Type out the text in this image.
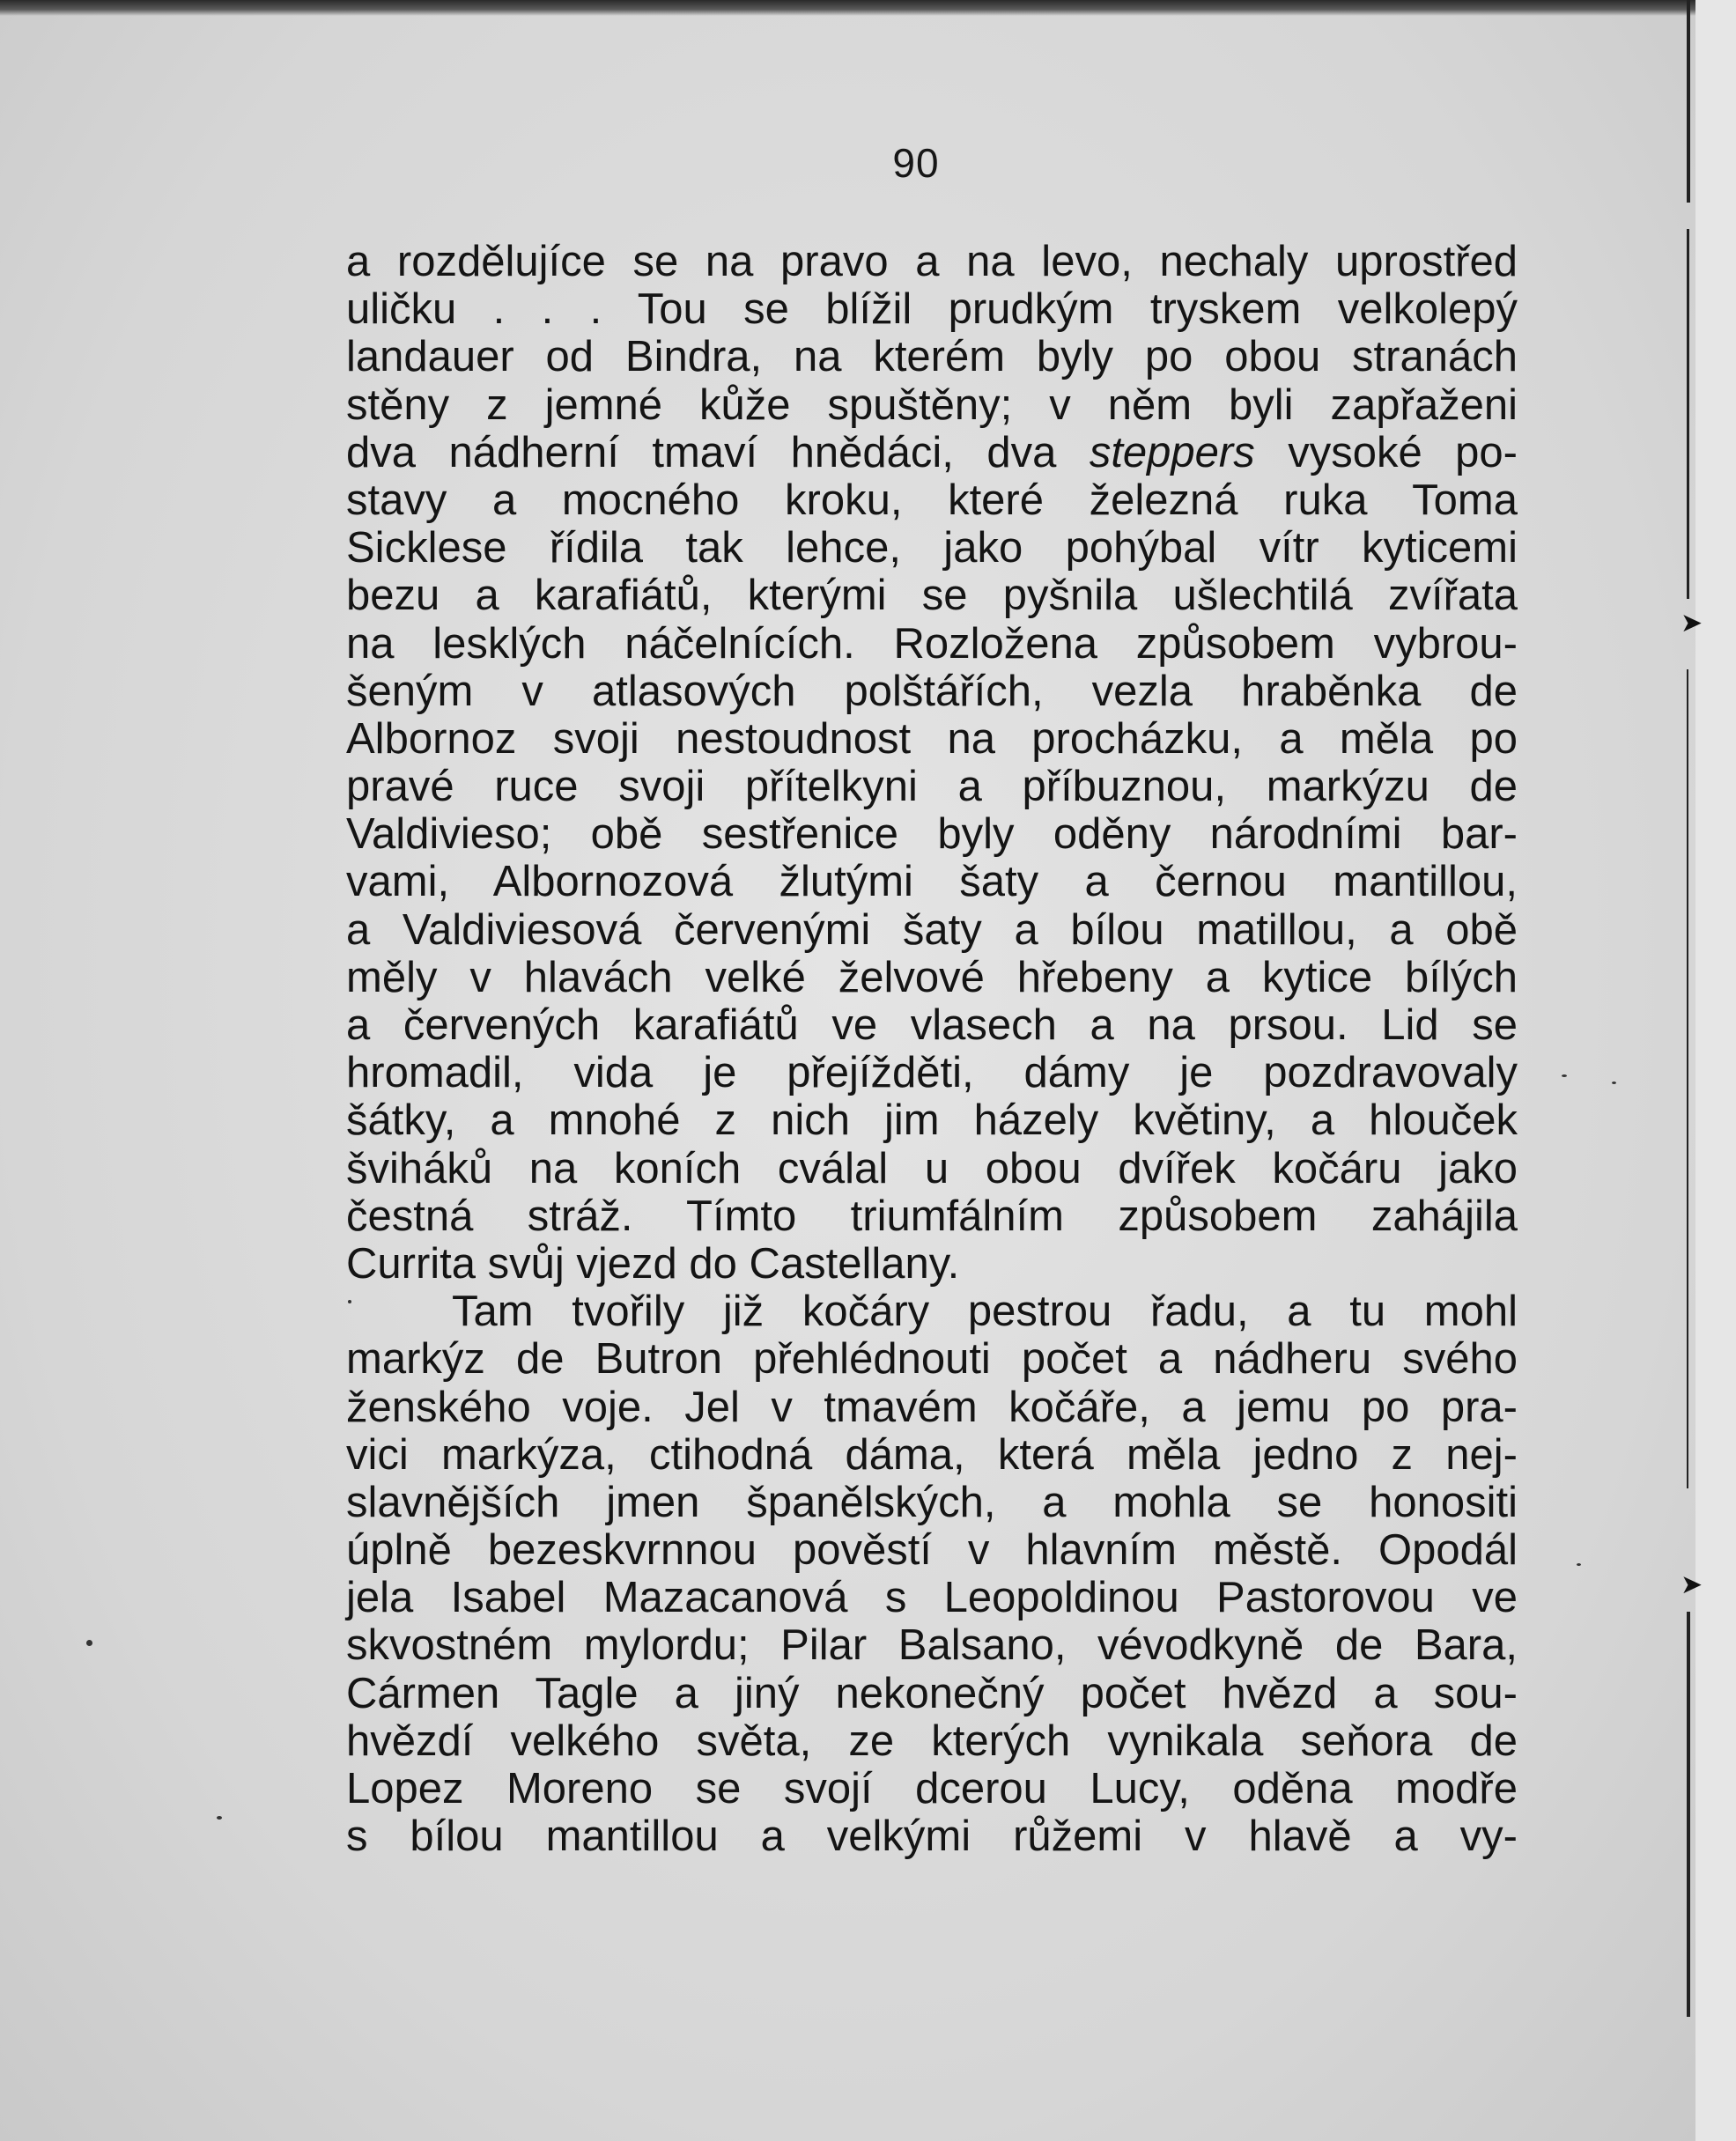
90
a rozdělujíce se na pravo a na levo, nechaly uprostřed
uličku . . . Tou se blížil prudkým tryskem velkolepý
landauer od Bindra, na kterém byly po obou stranách
stěny z jemné kůže spuštěny; v něm byli zapřaženi
dva nádherní tmaví hnědáci, dva steppers vysoké po-
stavy a mocného kroku, které železná ruka Toma
Sicklese řídila tak lehce, jako pohýbal vítr kyticemi
bezu a karafiátů, kterými se pyšnila ušlechtilá zvířata
na lesklých náčelnících. Rozložena způsobem vybrou-
šeným v atlasových polštářích, vezla hraběnka de
Albornoz svoji nestoudnost na procházku, a měla po
pravé ruce svoji přítelkyni a příbuznou, markýzu de
Valdivieso; obě sestřenice byly oděny národními bar-
vami, Albornozová žlutými šaty a černou mantillou,
a Valdiviesová červenými šaty a bílou matillou, a obě
měly v hlavách velké želvové hřebeny a kytice bílých
a červených karafiátů ve vlasech a na prsou. Lid se
hromadil, vida je přejížděti, dámy je pozdravovaly
šátky, a mnohé z nich jim házely květiny, a hlouček
šviháků na koních cválal u obou dvířek kočáru jako
čestná stráž. Tímto triumfálním způsobem zahájila
Currita svůj vjezd do Castellany.
Tam tvořily již kočáry pestrou řadu, a tu mohl
markýz de Butron přehlédnouti počet a nádheru svého
ženského voje. Jel v tmavém kočáře, a jemu po pra-
vici markýza, ctihodná dáma, která měla jedno z nej-
slavnějších jmen španělských, a mohla se honositi
úplně bezeskvrnnou pověstí v hlavním městě. Opodál
jela Isabel Mazacanová s Leopoldinou Pastorovou ve
skvostném mylordu; Pilar Balsano, vévodkyně de Bara,
Cármen Tagle a jiný nekonečný počet hvězd a sou-
hvězdí velkého světa, ze kterých vynikala seňora de
Lopez Moreno se svojí dcerou Lucy, oděna modře
s bílou mantillou a velkými růžemi v hlavě a vy-
➤
➤
